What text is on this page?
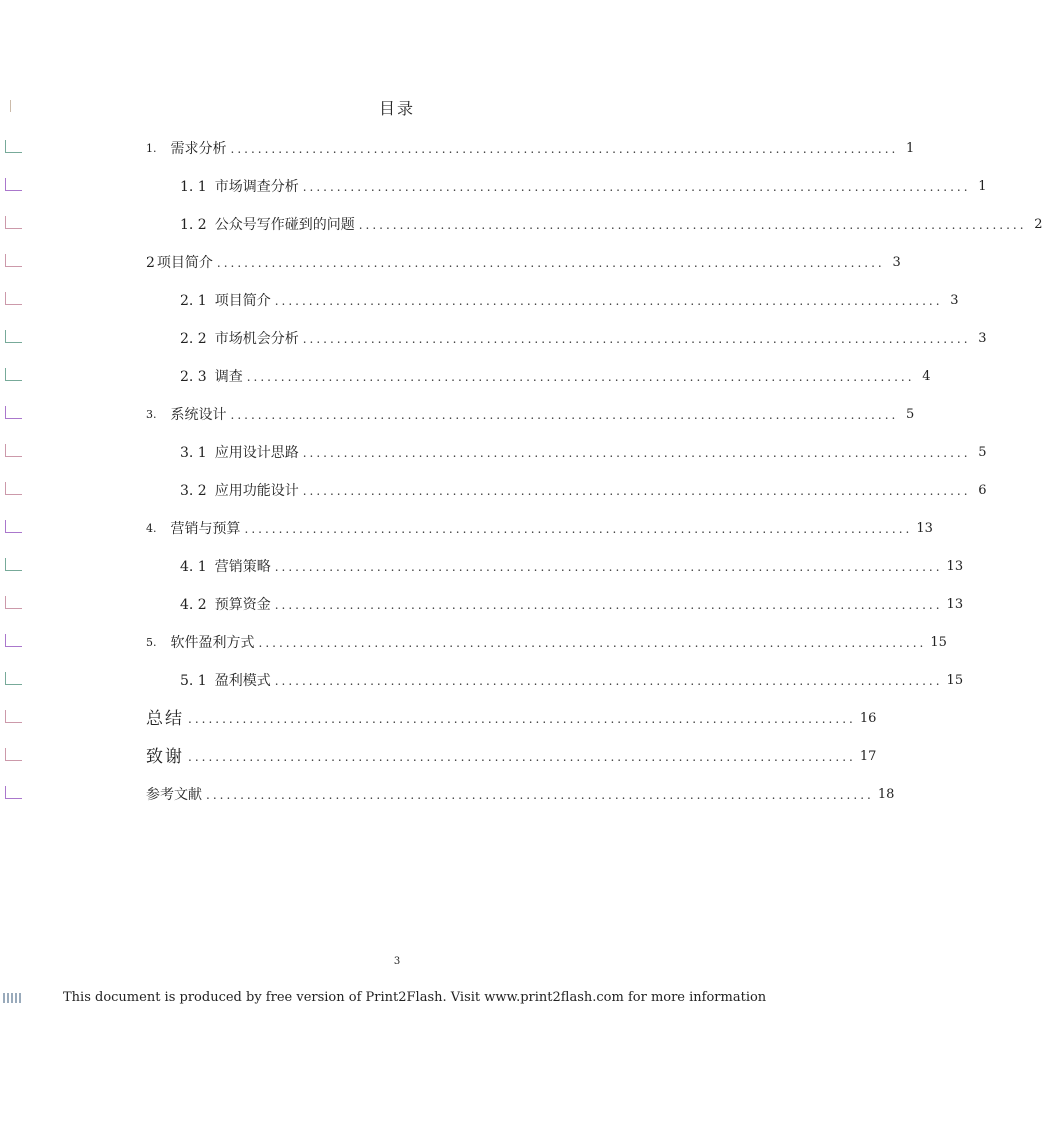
目录
1. 需求分析 .................................................................................................. 1
1. 1 市场调查分析 .................................................................................................. 1
1. 2 公众号写作碰到的问题 .................................................................................................. 2
2 项目简介 .................................................................................................. 3
2. 1 项目简介 .................................................................................................. 3
2. 2 市场机会分析 .................................................................................................. 3
2. 3 调查 .................................................................................................. 4
3. 系统设计 .................................................................................................. 5
3. 1 应用设计思路 .................................................................................................. 5
3. 2 应用功能设计 .................................................................................................. 6
4. 营销与预算 .................................................................................................. 13
4. 1 营销策略 .................................................................................................. 13
4. 2 预算资金 .................................................................................................. 13
5. 软件盈利方式 .................................................................................................. 15
5. 1 盈利模式 .................................................................................................. 15
总结 .................................................................................................. 16
致谢 .................................................................................................. 17
参考文献 .................................................................................................. 18
3
This document is produced by free version of Print2Flash. Visit www.print2flash.com for more information
